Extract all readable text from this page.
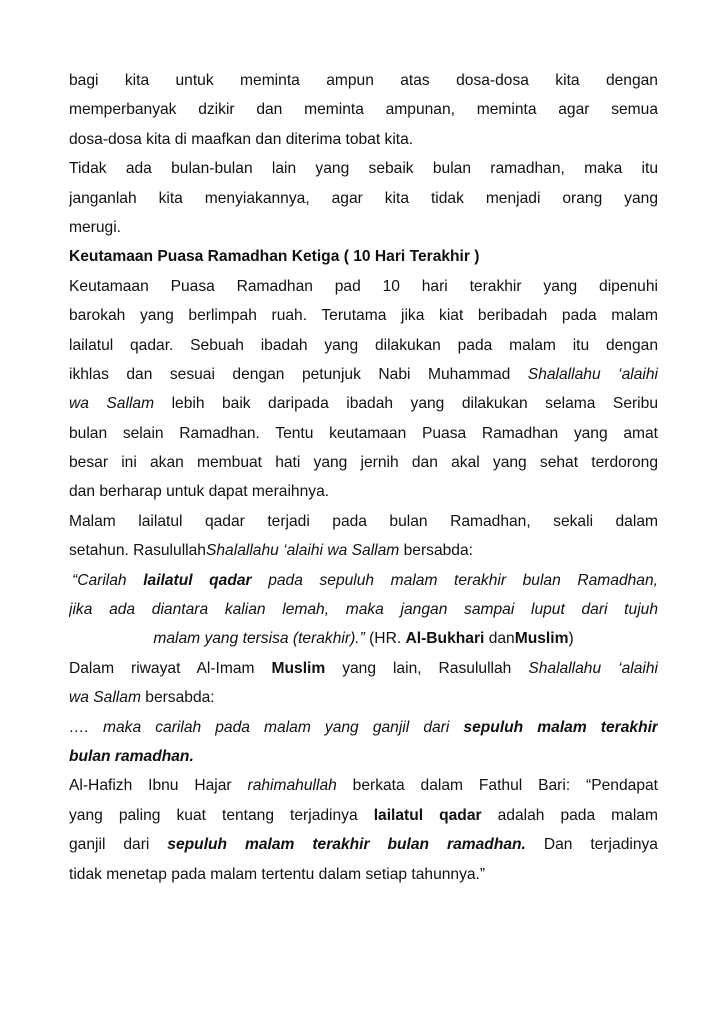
bagi kita untuk meminta ampun atas dosa-dosa kita dengan
memperbanyak dzikir dan meminta ampunan, meminta agar semua
dosa-dosa kita di maafkan dan diterima tobat kita.
Tidak ada bulan-bulan lain yang sebaik bulan ramadhan, maka itu
janganlah kita menyiakannya, agar kita tidak menjadi orang yang
merugi.
Keutamaan Puasa Ramadhan Ketiga ( 10 Hari Terakhir )
Keutamaan Puasa Ramadhan pad 10 hari terakhir yang dipenuhi
barokah yang berlimpah ruah. Terutama jika kiat beribadah pada malam
lailatul qadar. Sebuah ibadah yang dilakukan pada malam itu dengan
ikhlas dan sesuai dengan petunjuk Nabi Muhammad Shalallahu ‘alaihi
wa Sallam lebih baik daripada ibadah yang dilakukan selama Seribu
bulan selain Ramadhan. Tentu keutamaan Puasa Ramadhan yang amat
besar ini akan membuat hati yang jernih dan akal yang sehat terdorong
dan berharap untuk dapat meraihnya.
Malam lailatul qadar terjadi pada bulan Ramadhan, sekali dalam
setahun. RasulullahShalallahu ‘alaihi wa Sallam bersabda:
“Carilah lailatul qadar pada sepuluh malam terakhir bulan Ramadhan,
jika ada diantara kalian lemah, maka jangan sampai luput dari tujuh
malam yang tersisa (terakhir).” (HR. Al-Bukhari danMuslim)
Dalam riwayat Al-Imam Muslim yang lain, Rasulullah Shalallahu ‘alaihi
wa Sallam bersabda:
…. maka carilah pada malam yang ganjil dari sepuluh malam terakhir
bulan ramadhan.
Al-Hafizh Ibnu Hajar rahimahullah berkata dalam Fathul Bari: “Pendapat
yang paling kuat tentang terjadinya lailatul qadar adalah pada malam
ganjil dari sepuluh malam terakhir bulan ramadhan. Dan terjadinya
tidak menetap pada malam tertentu dalam setiap tahunnya.”
